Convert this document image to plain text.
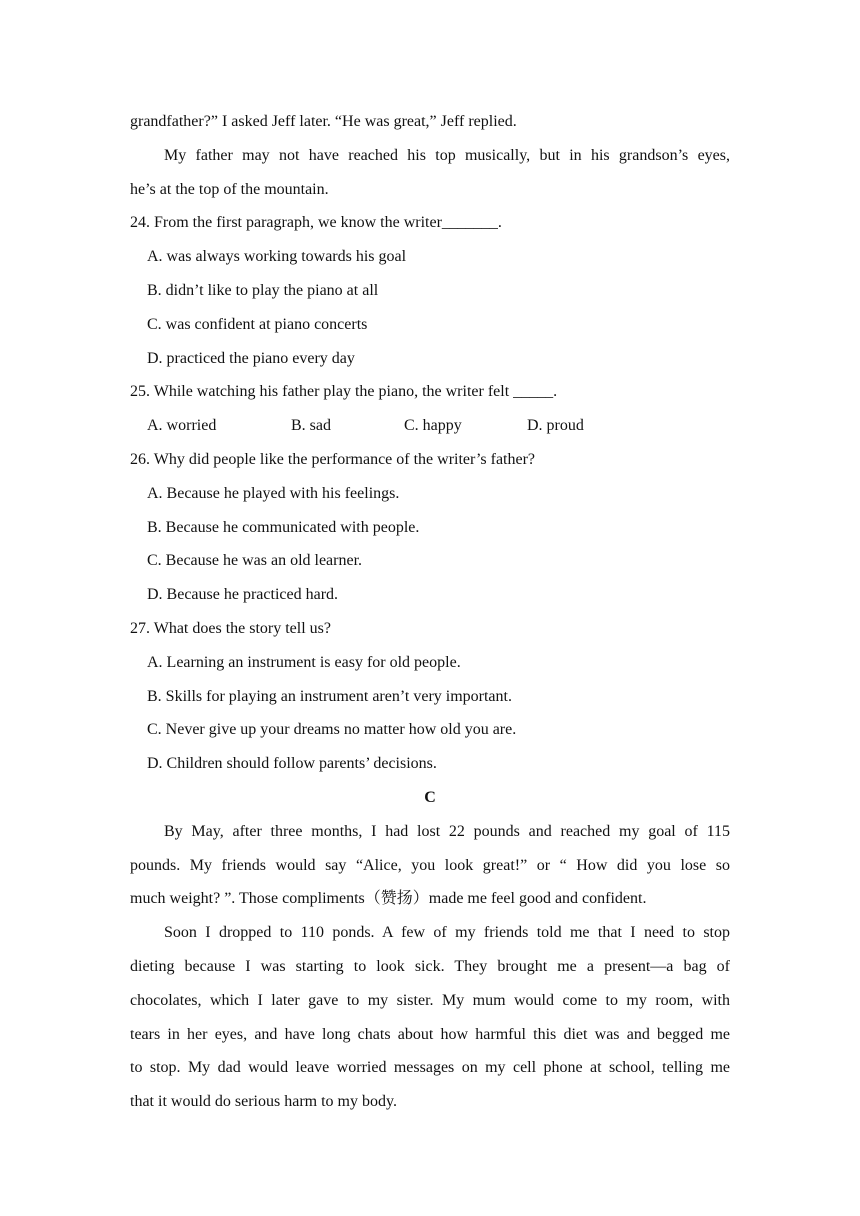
grandfather?” I asked Jeff later. “He was great,” Jeff replied.
My father may not have reached his top musically, but in his grandson’s eyes,
he’s at the top of the mountain.
24. From the first paragraph, we know the writer_______.
A. was always working towards his goal
B. didn’t like to play the piano at all
C. was confident at piano concerts
D. practiced the piano every day
25. While watching his father play the piano, the writer felt _____.
A. worried	B. sad	C. happy	D. proud
26. Why did people like the performance of the writer’s father?
A. Because he played with his feelings.
B. Because he communicated with people.
C. Because he was an old learner.
D. Because he practiced hard.
27. What does the story tell us?
A. Learning an instrument is easy for old people.
B. Skills for playing an instrument aren’t very important.
C. Never give up your dreams no matter how old you are.
D. Children should follow parents’ decisions.
C
By May, after three months, I had lost 22 pounds and reached my goal of 115
pounds. My friends would say “Alice, you look great!” or “ How did you lose so
much weight? ”. Those compliments（赞扬）made me feel good and confident.
Soon I dropped to 110 ponds. A few of my friends told me that I need to stop
dieting because I was starting to look sick. They brought me a present—a bag of
chocolates, which I later gave to my sister. My mum would come to my room, with
tears in her eyes, and have long chats about how harmful this diet was and begged me
to stop. My dad would leave worried messages on my cell phone at school, telling me
that it would do serious harm to my body.
